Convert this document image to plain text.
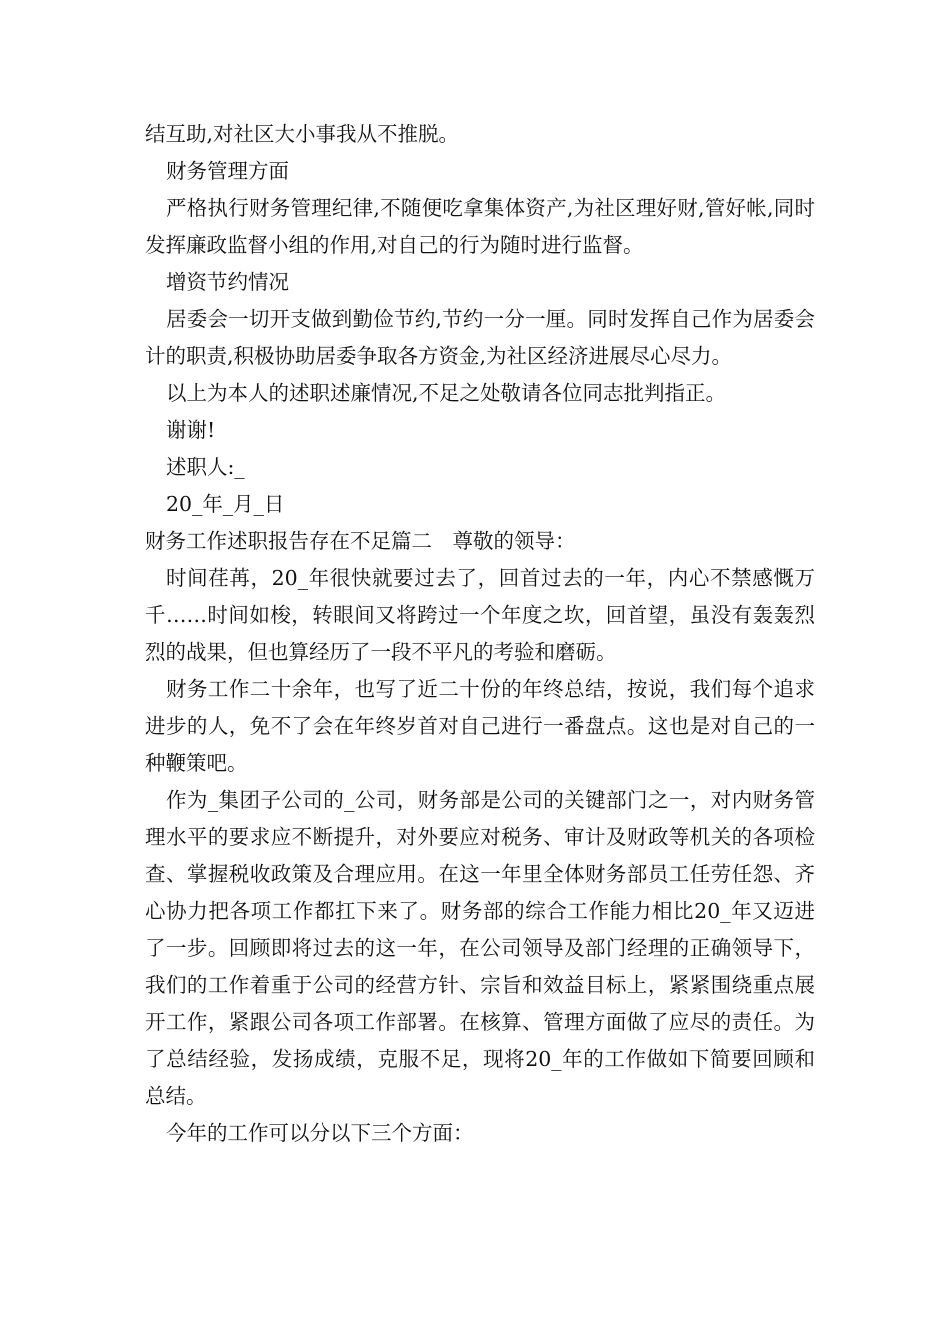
结互助,对社区大小事我从不推脱。

财务管理方面

严格执行财务管理纪律,不随便吃拿集体资产,为社区理好财,管好帐,同时发挥廉政监督小组的作用,对自己的行为随时进行监督。

增资节约情况

居委会一切开支做到勤俭节约,节约一分一厘。同时发挥自己作为居委会计的职责,积极协助居委争取各方资金,为社区经济进展尽心尽力。

以上为本人的述职述廉情况,不足之处敬请各位同志批判指正。

谢谢!

述职人:_

20_年_月_日

财务工作述职报告存在不足篇二　尊敬的领导：

时间荏苒，20_年很快就要过去了，回首过去的一年，内心不禁感慨万千……时间如梭，转眼间又将跨过一个年度之坎，回首望，虽没有轰轰烈烈的战果，但也算经历了一段不平凡的考验和磨砺。

财务工作二十余年，也写了近二十份的年终总结，按说，我们每个追求进步的人，免不了会在年终岁首对自己进行一番盘点。这也是对自己的一种鞭策吧。

作为_集团子公司的_公司，财务部是公司的关键部门之一，对内财务管理水平的要求应不断提升，对外要应对税务、审计及财政等机关的各项检查、掌握税收政策及合理应用。在这一年里全体财务部员工任劳任怨、齐心协力把各项工作都扛下来了。财务部的综合工作能力相比20_年又迈进了一步。回顾即将过去的这一年，在公司领导及部门经理的正确领导下，我们的工作着重于公司的经营方针、宗旨和效益目标上，紧紧围绕重点展开工作，紧跟公司各项工作部署。在核算、管理方面做了应尽的责任。为了总结经验，发扬成绩，克服不足，现将20_年的工作做如下简要回顾和总结。

今年的工作可以分以下三个方面：
